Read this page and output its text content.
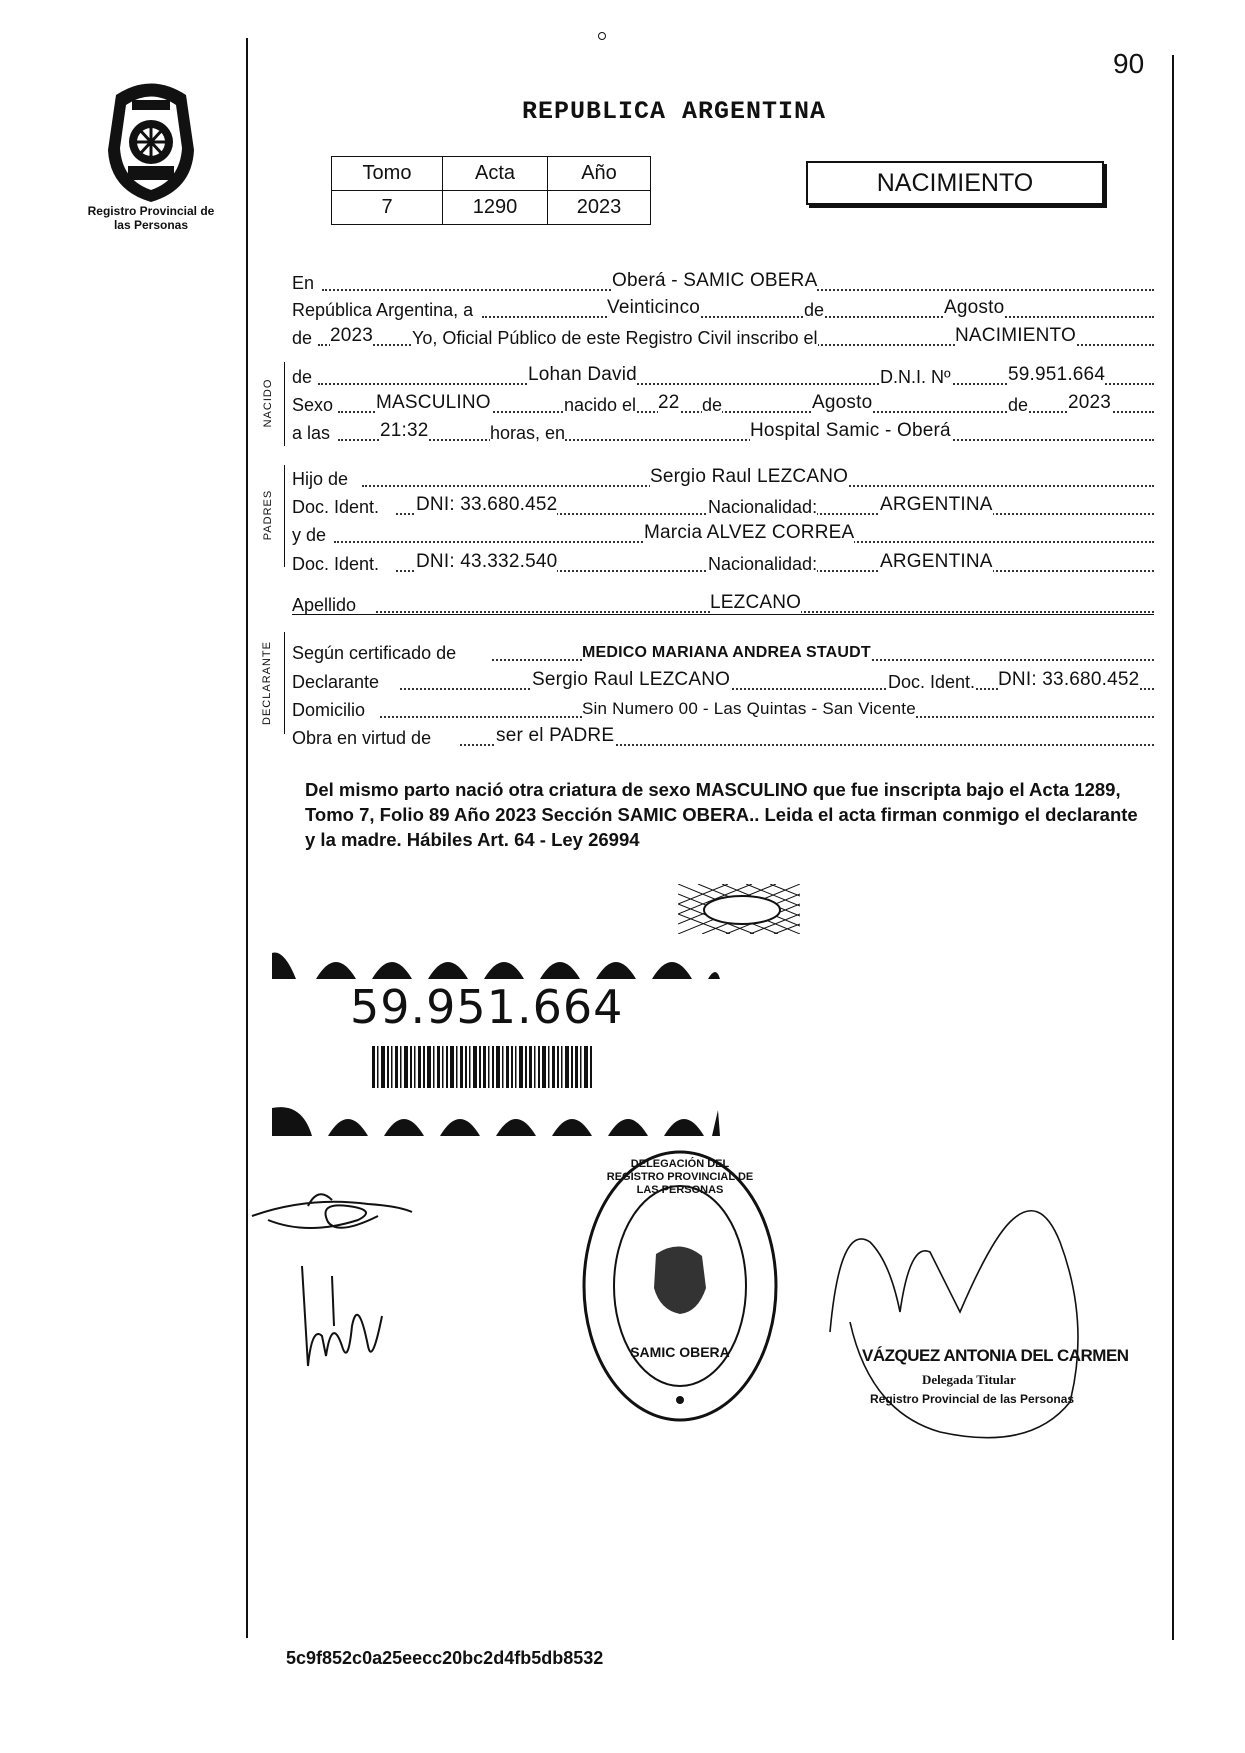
90
Registro Provincial de las Personas
REPUBLICA ARGENTINA
Tomo	Acta	Año
7	1290	2023
NACIMIENTO
NACIDO
PADRES
DECLARANTE
En	Oberá - SAMIC OBERA
República Argentina, a	Veinticinco	de	Agosto
de 2023 Yo, Oficial Público de este Registro Civil inscribo el	NACIMIENTO
de	Lohan David	D.N.I. Nº	59.951.664
Sexo MASCULINO	nacido el 22 de	Agosto	de 2023
a las	21:32	horas, en	Hospital Samic - Oberá
Hijo de	Sergio Raul LEZCANO
Doc. Ident. DNI: 33.680.452	Nacionalidad:	ARGENTINA
y de	Marcia ALVEZ CORREA
Doc. Ident. DNI: 43.332.540	Nacionalidad:	ARGENTINA
Apellido	LEZCANO
Según certificado de	MEDICO MARIANA ANDREA STAUDT
Declarante	Sergio Raul LEZCANO	Doc. Ident. DNI: 33.680.452
Domicilio	Sin Numero 00 - Las Quintas - San Vicente
Obra en virtud de	ser el PADRE
Del mismo parto nació otra criatura de sexo MASCULINO que fue inscripta bajo el Acta 1289, Tomo 7, Folio 89 Año 2023 Sección SAMIC OBERA.. Leida el acta firman conmigo el declarante y la madre. Hábiles Art. 64 - Ley 26994
59.951.664
DELEGACIÓN DEL REGISTRO PROVINCIAL DE LAS PERSONAS
SAMIC OBERA	VÁZQUEZ ANTONIA DEL CARMEN
Delegada Titular
Registro Provincial de las Personas
5c9f852c0a25eecc20bc2d4fb5db8532
